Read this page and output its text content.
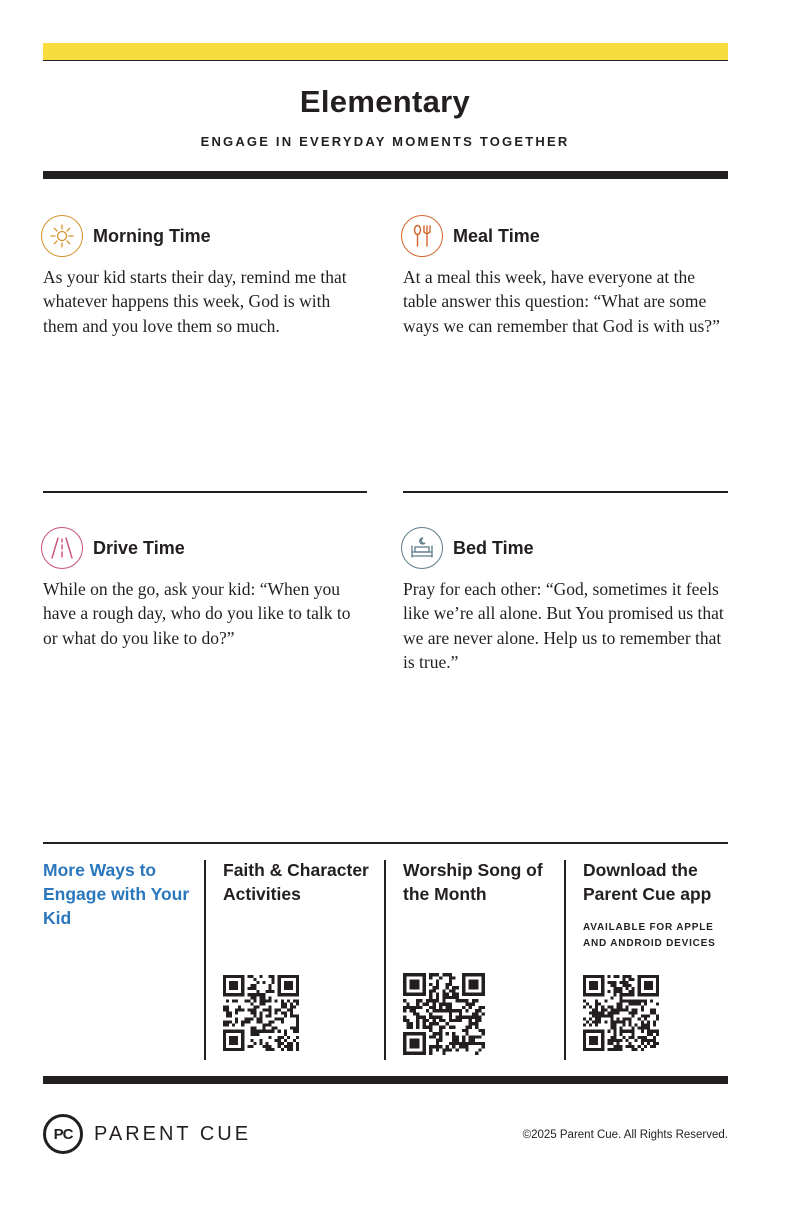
Elementary
ENGAGE IN EVERYDAY MOMENTS TOGETHER
Morning Time
As your kid starts their day, remind me that whatever happens this week, God is with them and you love them so much.
Meal Time
At a meal this week, have everyone at the table answer this question: “What are some ways we can remember that God is with us?”
Drive Time
While on the go, ask your kid: “When you have a rough day, who do you like to talk to or what do you like to do?”
Bed Time
Pray for each other: “God, sometimes it feels like we’re all alone. But You promised us that we are never alone. Help us to remember that is true.”
More Ways to Engage with Your Kid
Faith & Character Activities
Worship Song of the Month
Download the Parent Cue app
AVAILABLE FOR APPLE AND ANDROID DEVICES
PC PARENT CUE	©2025 Parent Cue. All Rights Reserved.
